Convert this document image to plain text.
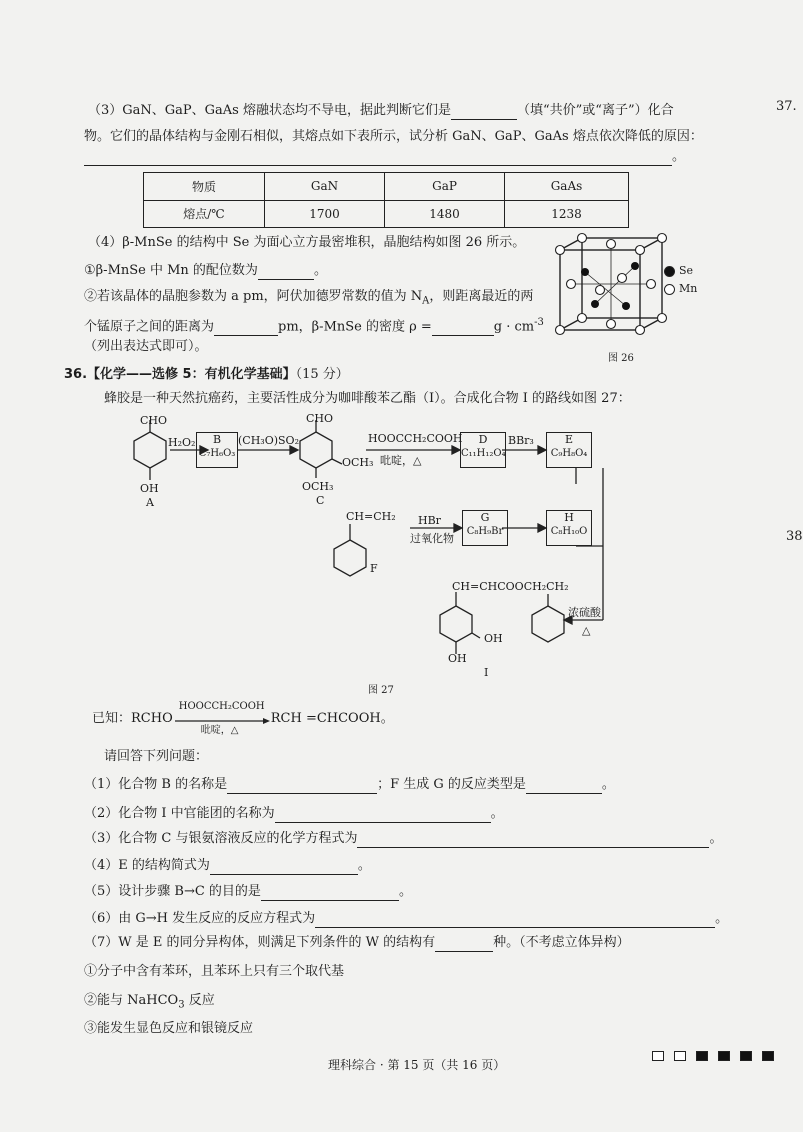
37.
38
（3）GaN、GaP、GaAs 熔融状态均不导电，据此判断它们是	（填“共价”或“离子”）化合
物。它们的晶体结构与金刚石相似，其熔点如下表所示，试分析 GaN、GaP、GaAs 熔点依次降低的原因：
。
物质	GaN	GaP	GaAs
熔点/℃	1700	1480	1238
（4）β-MnSe 的结构中 Se 为面心立方最密堆积，晶胞结构如图 26 所示。
①β-MnSe 中 Mn 的配位数为	。
②若该晶体的晶胞参数为 a pm，阿伏加德罗常数的值为 $N_A$，则距离最近的两
个锰原子之间的距离为	pm，β-MnSe 的密度 ρ =	$g \cdot cm^{-3}$
（列出表达式即可）。
Se
Mn
图 26
36.【化学——选修 5：有机化学基础】（15 分）
蜂胶是一种天然抗癌药，主要活性成分为咖啡酸苯乙酯（I）。合成化合物 I 的路线如图 27：
CHO
OH
A
H₂O₂	B
C₇H₆O₃
(CH₃O)SO₂
CHO
OCH₃
OCH₃
C
HOOCCH₂COOH
吡啶，△
D
C₁₁H₁₂O₄
BBr₃	E
C₉H₈O₄
CH=CH₂
F
HBr
过氧化物
G
C₈H₉Br
H
C₈H₁₀O
CH=CHCOOCH₂CH₂
OH
OH
I
浓硫酸
△
图 27
已知：RCHO
HOOCCH₂COOH
吡啶，△
RCH =CHCOOH。
请回答下列问题：
（1）化合物 B 的名称是	；F 生成 G 的反应类型是	。
（2）化合物 I 中官能团的名称为	。
（3）化合物 C 与银氨溶液反应的化学方程式为	。
（4）E 的结构简式为	。
（5）设计步骤 B→C 的目的是	。
（6）由 G→H 发生反应的反应方程式为	。
（7）W 是 E 的同分异构体，则满足下列条件的 W 的结构有	种。（不考虑立体异构）
①分子中含有苯环，且苯环上只有三个取代基
②能与 NaHCO$_3$ 反应
③能发生显色反应和银镜反应
理科综合 · 第 15 页（共 16 页）
